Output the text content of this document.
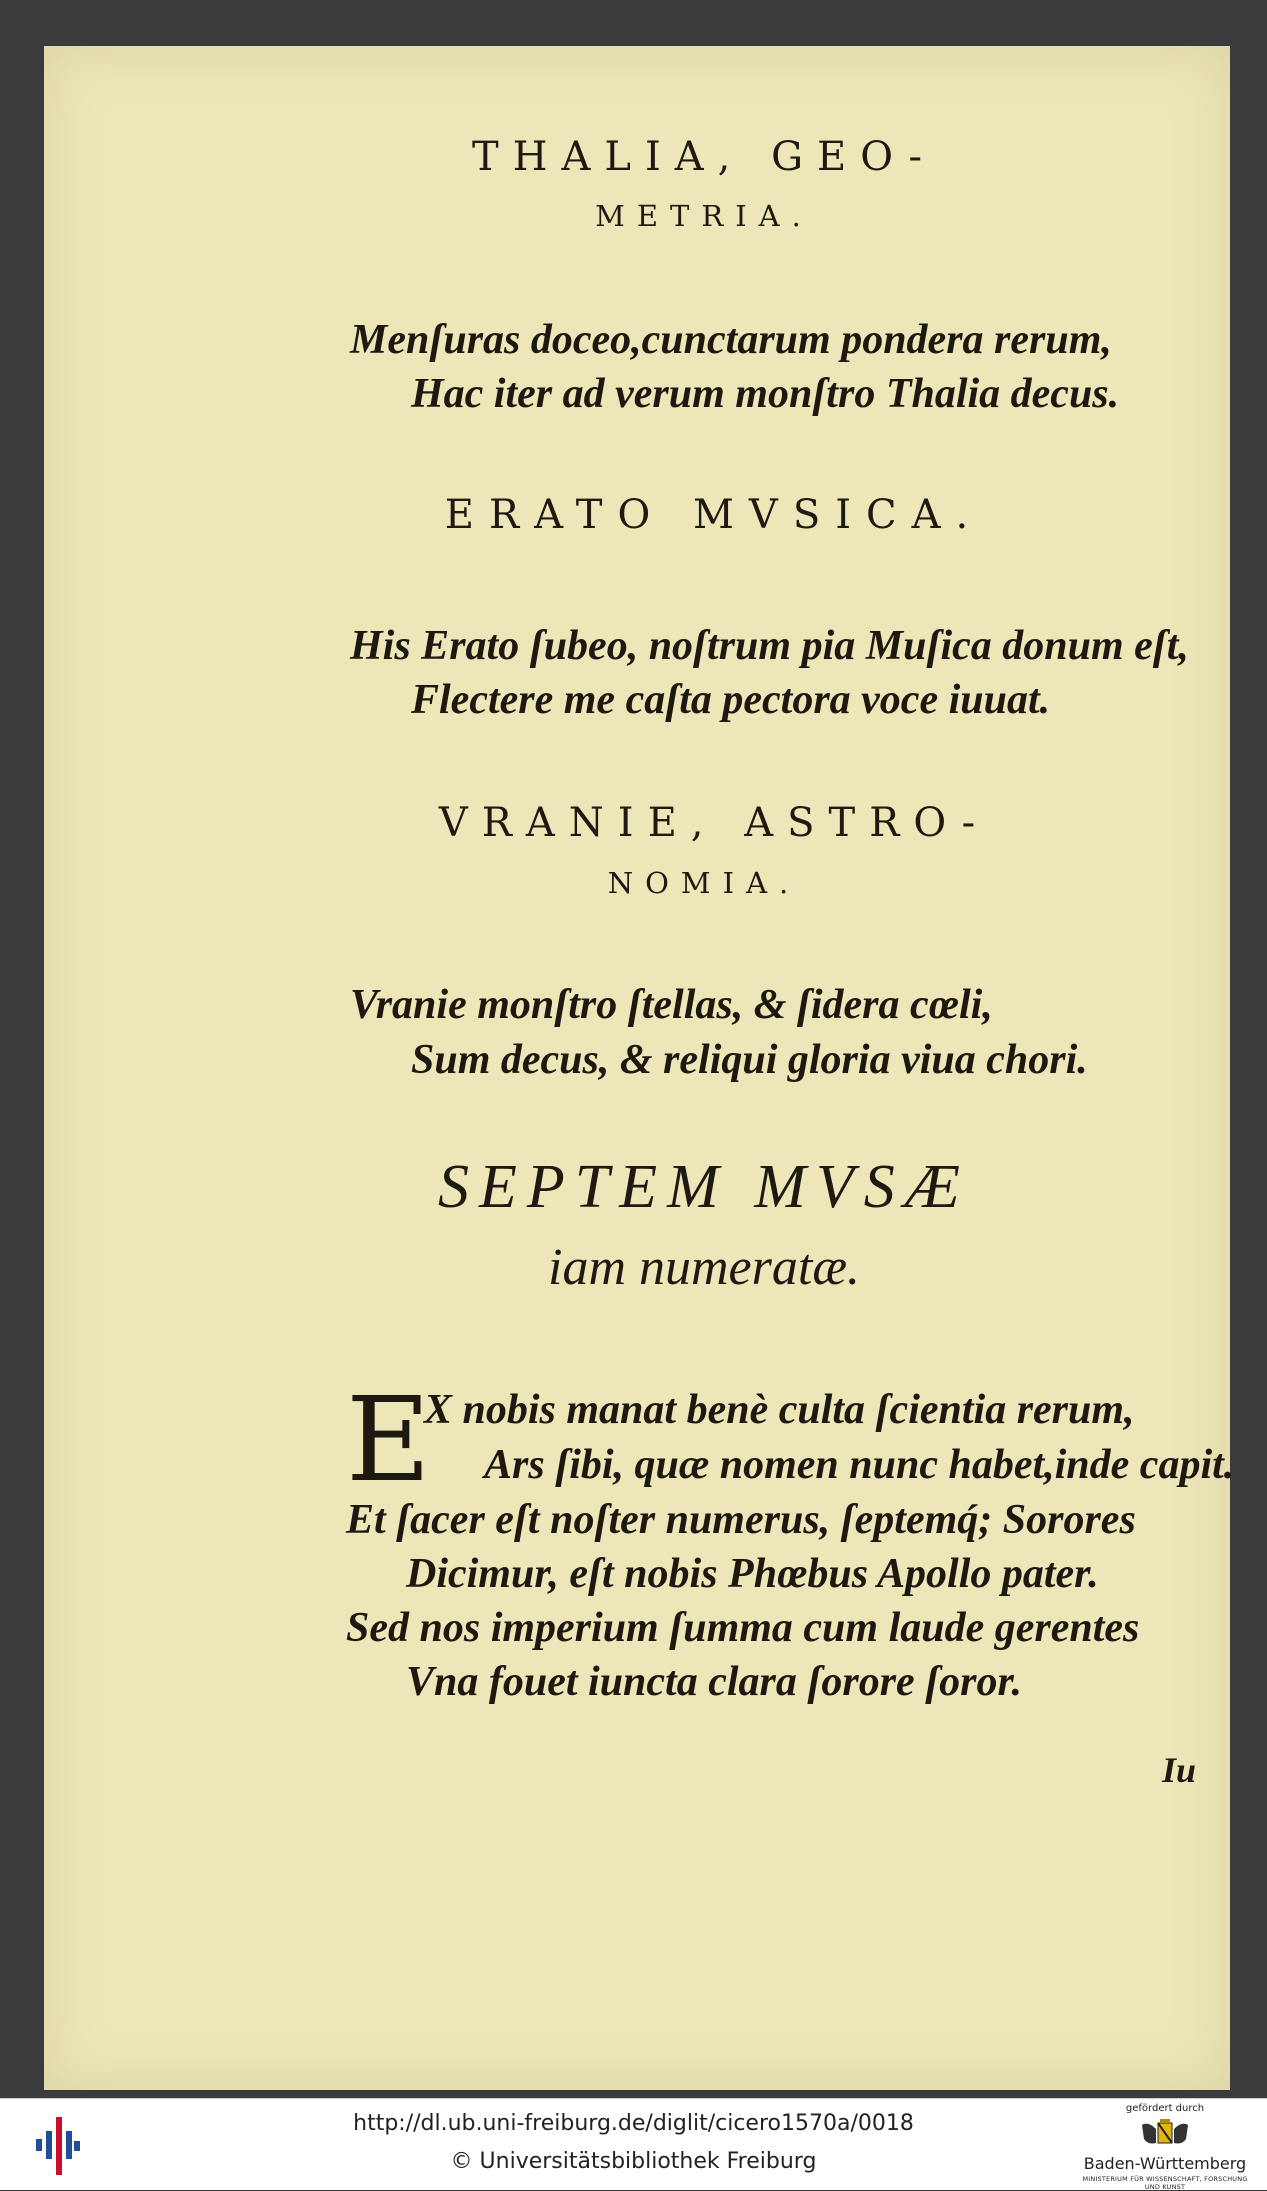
THALIA, GEO-
METRIA.
Menſuras doceo,cunctarum pondera rerum,
Hac iter ad verum monſtro Thalia decus.
ERATO MVSICA.
His Erato ſubeo, noſtrum pia Muſica donum eſt,
Flectere me caſta pectora voce iuuat.
VRANIE, ASTRO-
NOMIA.
Vranie monſtro ſtellas, & ſidera cœli,
Sum decus, & reliqui gloria viua chori.
SEPTEM MVSÆ
iam numeratæ.
E
X nobis manat benè culta ſcientia rerum,
Ars ſibi, quæ nomen nunc habet,inde capit.
Et ſacer eſt noſter numerus, ſeptemq́; Sorores
Dicimur, eſt nobis Phœbus Apollo pater.
Sed nos imperium ſumma cum laude gerentes
Vna fouet iuncta clara ſorore ſoror.
Iu
http://dl.ub.uni-freiburg.de/diglit/cicero1570a/0018
© Universitätsbibliothek Freiburg
gefördert durch
Baden-Württemberg
MINISTERIUM FÜR WISSENSCHAFT, FORSCHUNG UND KUNST
